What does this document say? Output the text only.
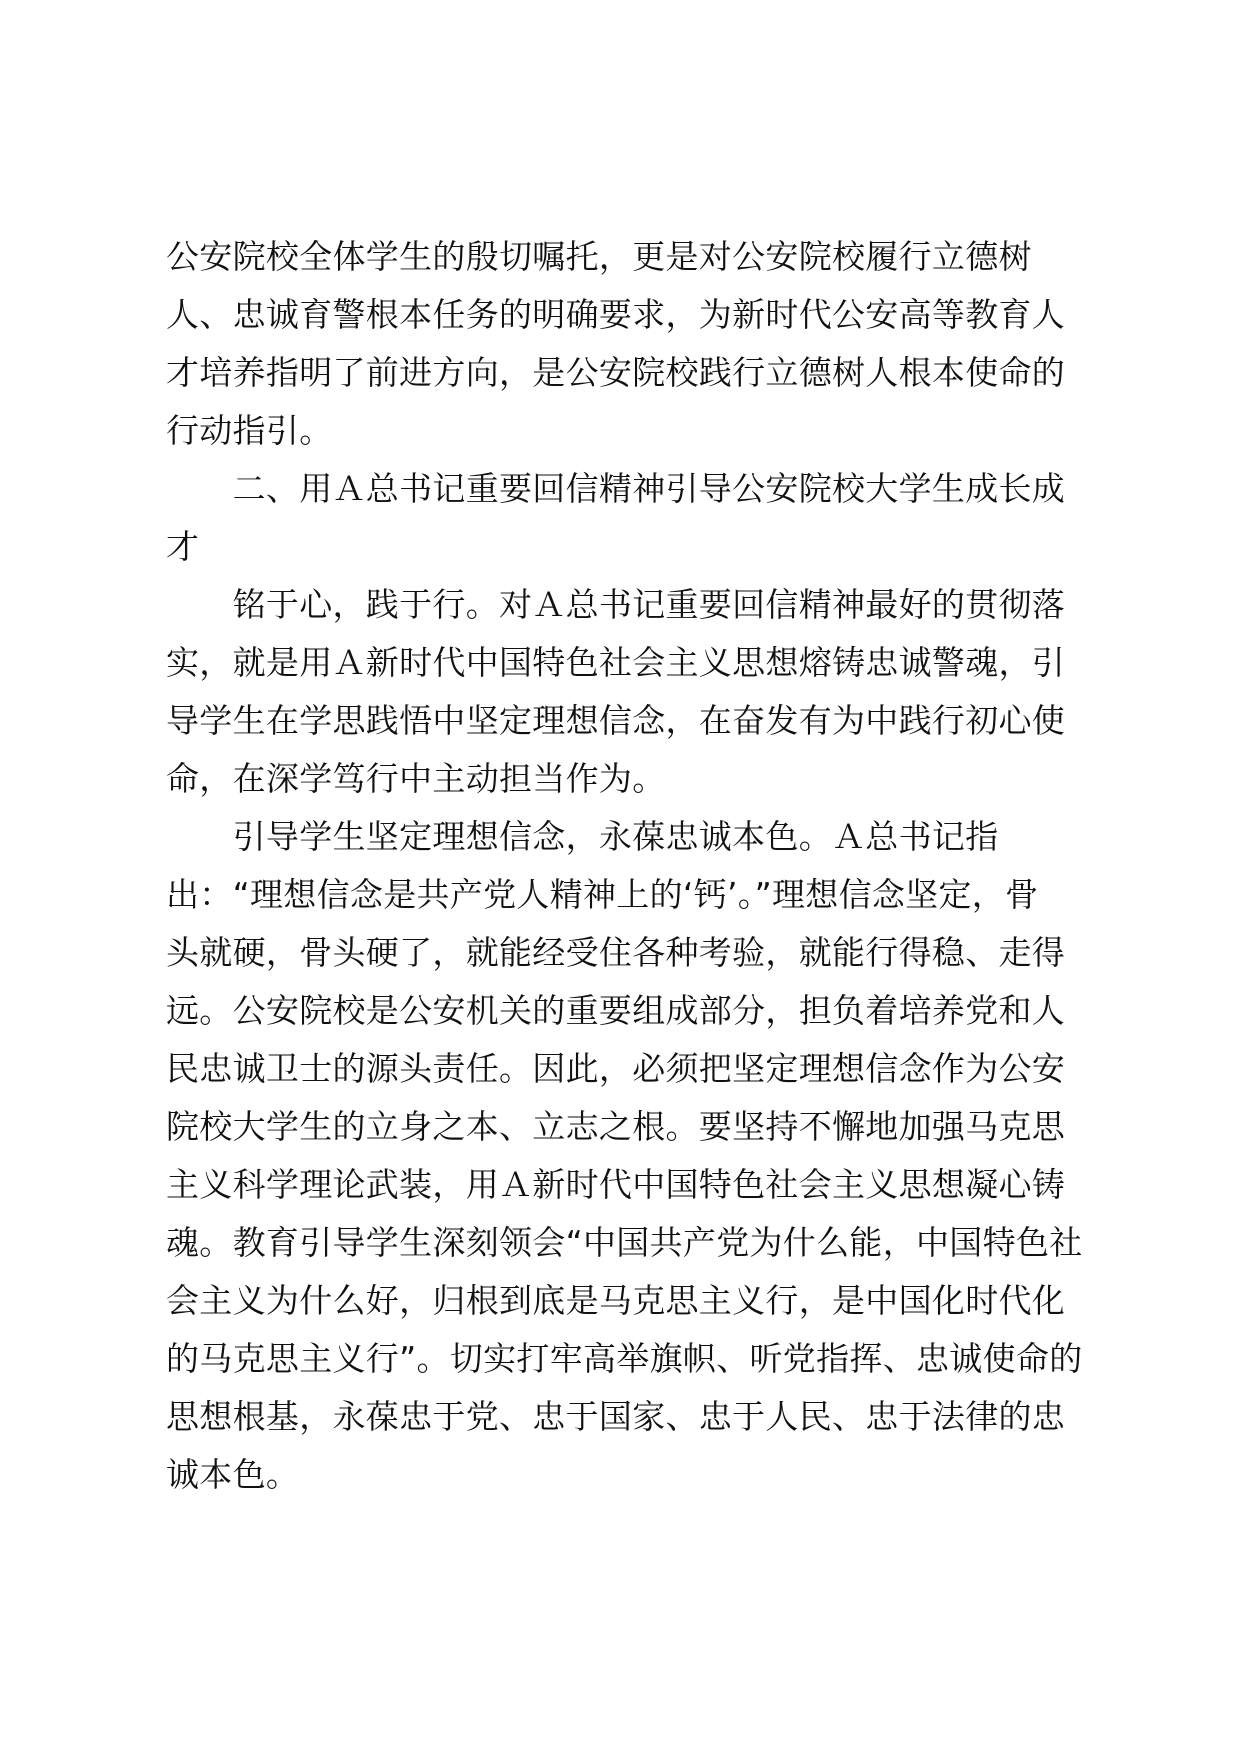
公安院校全体学生的殷切嘱托，更是对公安院校履行立德树
人、忠诚育警根本任务的明确要求，为新时代公安高等教育人
才培养指明了前进方向，是公安院校践行立德树人根本使命的
行动指引。
　　二、用Ａ总书记重要回信精神引导公安院校大学生成长成
才
　　铭于心，践于行。对Ａ总书记重要回信精神最好的贯彻落
实，就是用Ａ新时代中国特色社会主义思想熔铸忠诚警魂，引
导学生在学思践悟中坚定理想信念，在奋发有为中践行初心使
命，在深学笃行中主动担当作为。
　　引导学生坚定理想信念，永葆忠诚本色。Ａ总书记指
出：“理想信念是共产党人精神上的‘钙’。”理想信念坚定，骨
头就硬，骨头硬了，就能经受住各种考验，就能行得稳、走得
远。公安院校是公安机关的重要组成部分，担负着培养党和人
民忠诚卫士的源头责任。因此，必须把坚定理想信念作为公安
院校大学生的立身之本、立志之根。要坚持不懈地加强马克思
主义科学理论武装，用Ａ新时代中国特色社会主义思想凝心铸
魂。教育引导学生深刻领会“中国共产党为什么能，中国特色社
会主义为什么好，归根到底是马克思主义行，是中国化时代化
的马克思主义行”。切实打牢高举旗帜、听党指挥、忠诚使命的
思想根基，永葆忠于党、忠于国家、忠于人民、忠于法律的忠
诚本色。
